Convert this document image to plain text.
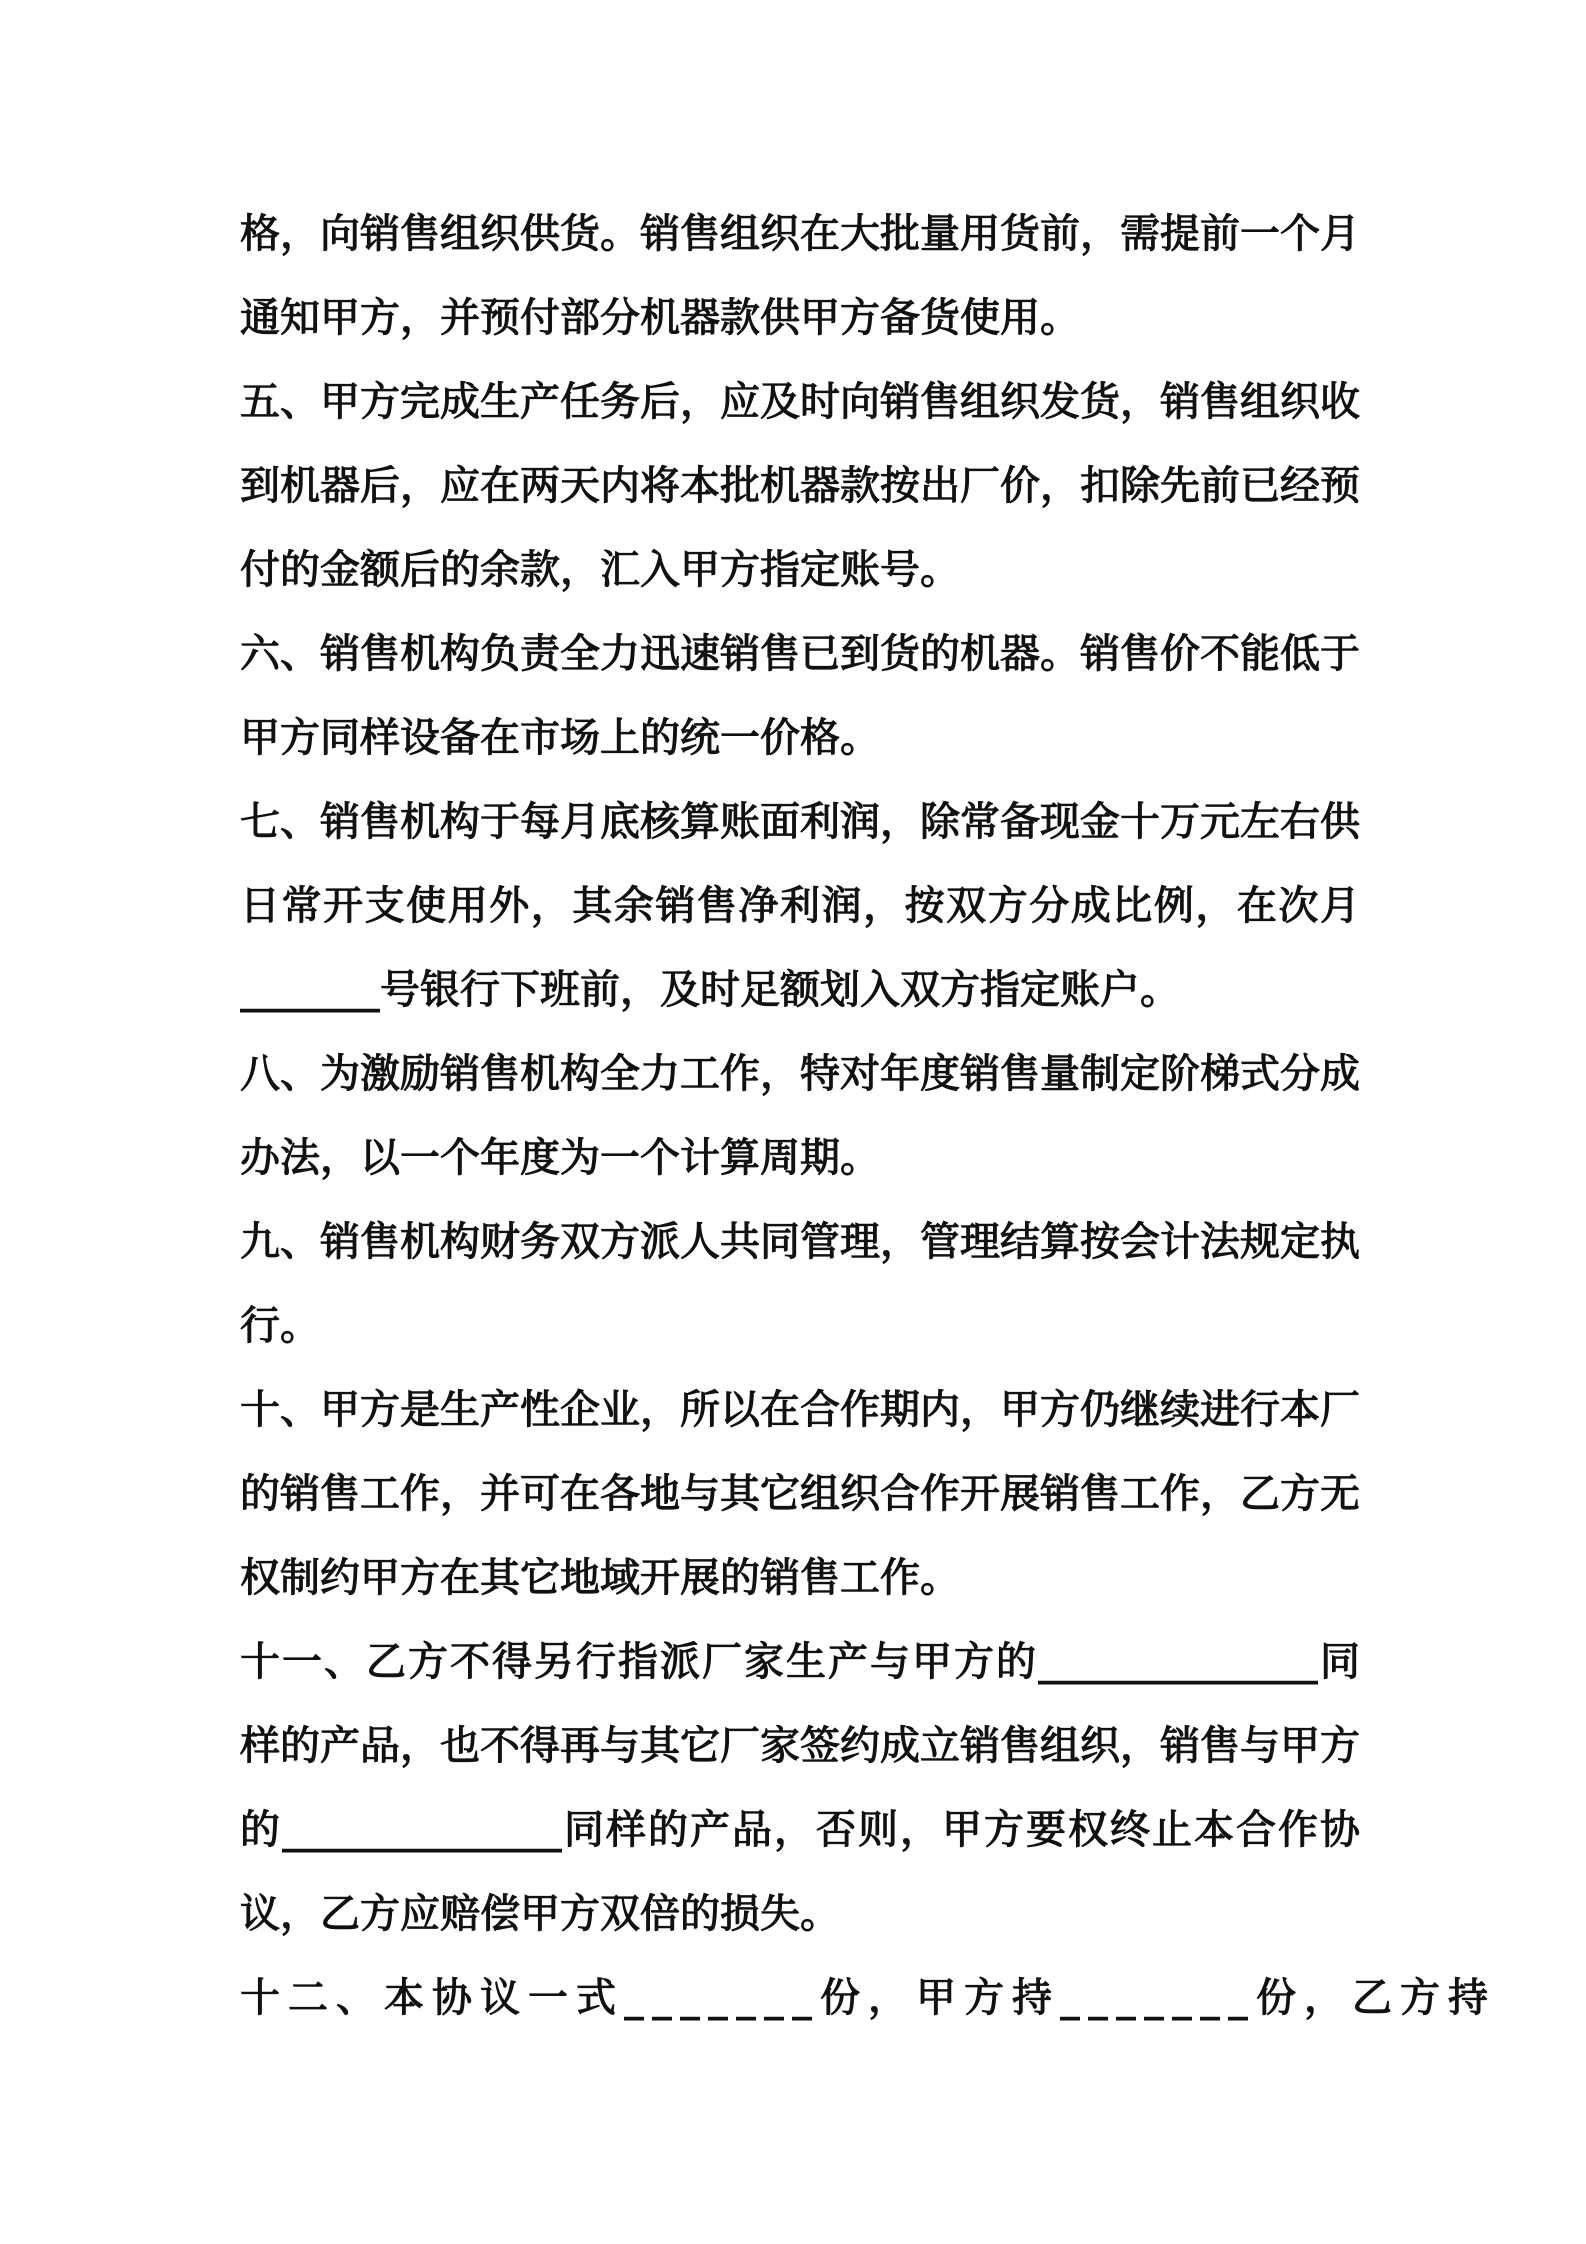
格，向销售组织供货。销售组织在大批量用货前，需提前一个月
通知甲方，并预付部分机器款供甲方备货使用。
五、甲方完成生产任务后，应及时向销售组织发货，销售组织收
到机器后，应在两天内将本批机器款按出厂价，扣除先前已经预
付的金额后的余款，汇入甲方指定账号。
六、销售机构负责全力迅速销售已到货的机器。销售价不能低于
甲方同样设备在市场上的统一价格。
七、销售机构于每月底核算账面利润，除常备现金十万元左右供
日常开支使用外，其余销售净利润，按双方分成比例，在次月
_______号银行下班前，及时足额划入双方指定账户。
八、为激励销售机构全力工作，特对年度销售量制定阶梯式分成
办法，以一个年度为一个计算周期。
九、销售机构财务双方派人共同管理，管理结算按会计法规定执
行。
十、甲方是生产性企业，所以在合作期内，甲方仍继续进行本厂
的销售工作，并可在各地与其它组织合作开展销售工作，乙方无
权制约甲方在其它地域开展的销售工作。
十一、乙方不得另行指派厂家生产与甲方的______________同
样的产品，也不得再与其它厂家签约成立销售组织，销售与甲方
的______________同样的产品，否则，甲方要权终止本合作协
议，乙方应赔偿甲方双倍的损失。
十二、本协议一式_______份，甲方持_______份，乙方持
